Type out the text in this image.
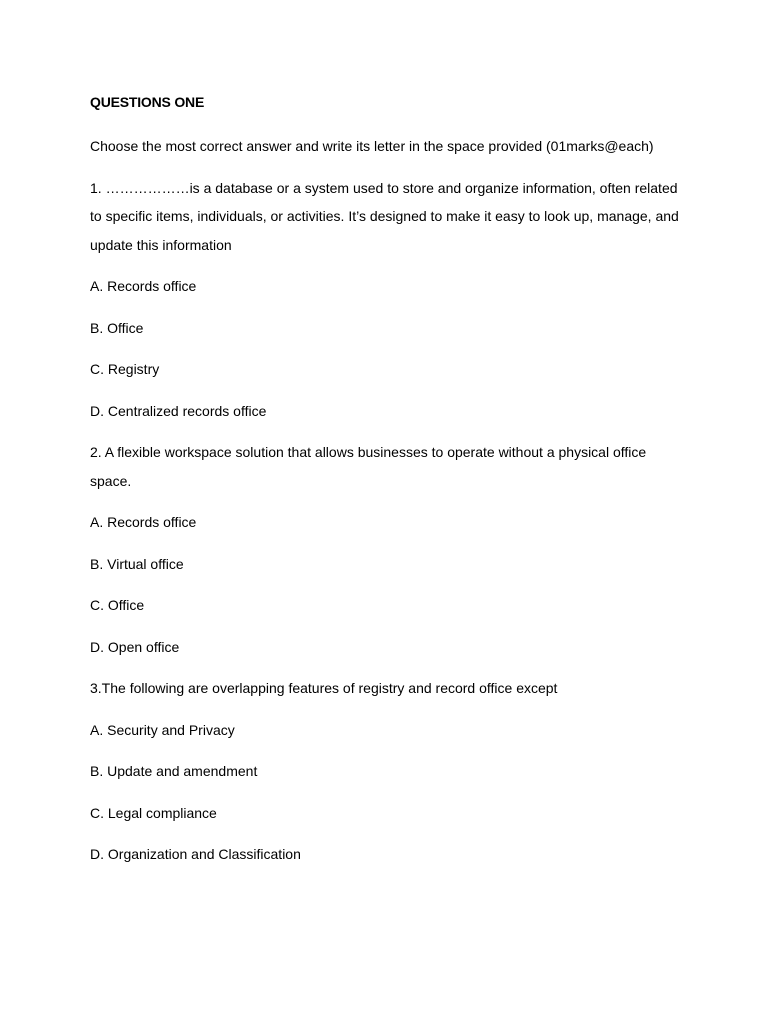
QUESTIONS ONE

Choose the most correct answer and write its letter in the space provided (01marks@each)

1. ………………is a database or a system used to store and organize information, often related to specific items, individuals, or activities. It’s designed to make it easy to look up, manage, and update this information

A. Records office

B. Office

C. Registry

D. Centralized records office

2. A flexible workspace solution that allows businesses to operate without a physical office space.

A. Records office

B. Virtual office

C. Office

D. Open office

3.The following are overlapping features of registry and record office except

A. Security and Privacy

B. Update and amendment

C. Legal compliance

D. Organization and Classification
